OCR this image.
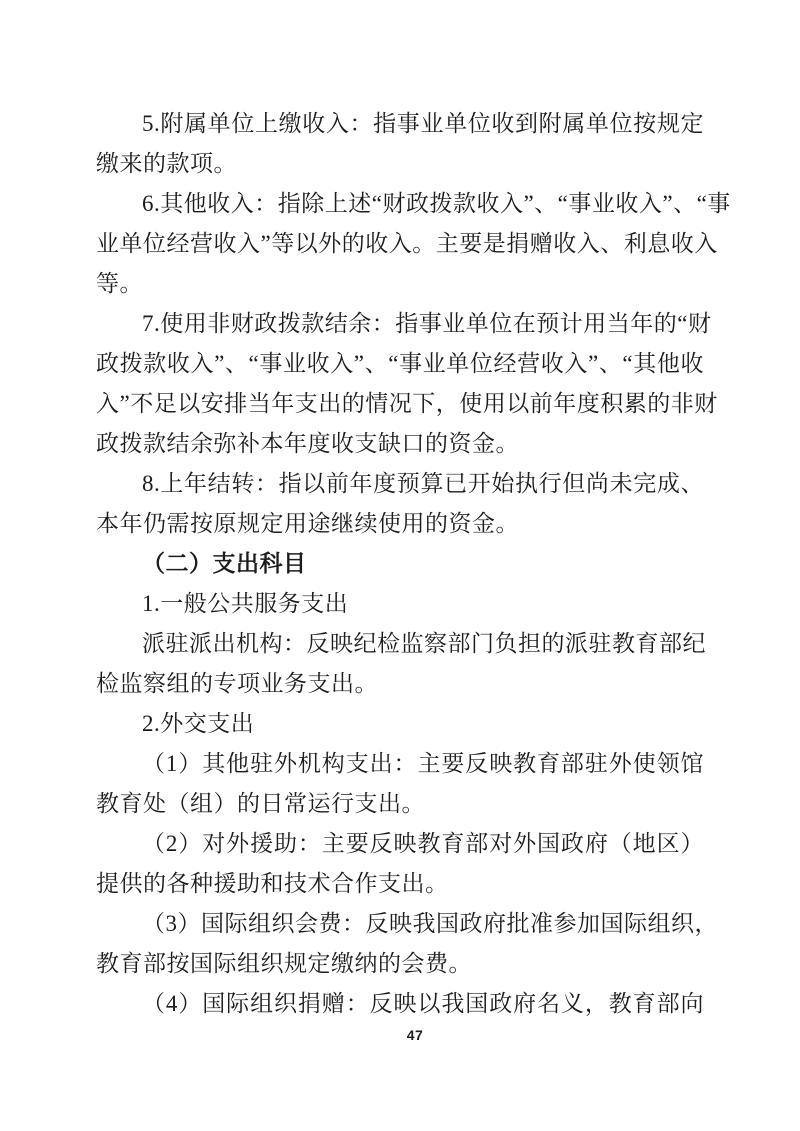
5.附属单位上缴收入：指事业单位收到附属单位按规定
缴来的款项。
6.其他收入：指除上述“财政拨款收入”、“事业收入”、“事
业单位经营收入”等以外的收入。主要是捐赠收入、利息收入
等。
7.使用非财政拨款结余：指事业单位在预计用当年的“财
政拨款收入”、“事业收入”、“事业单位经营收入”、“其他收
入”不足以安排当年支出的情况下，使用以前年度积累的非财
政拨款结余弥补本年度收支缺口的资金。
8.上年结转：指以前年度预算已开始执行但尚未完成、
本年仍需按原规定用途继续使用的资金。
（二）支出科目
1.一般公共服务支出
派驻派出机构：反映纪检监察部门负担的派驻教育部纪
检监察组的专项业务支出。
2.外交支出
（1）其他驻外机构支出：主要反映教育部驻外使领馆
教育处（组）的日常运行支出。
（2）对外援助：主要反映教育部对外国政府（地区）
提供的各种援助和技术合作支出。
（3）国际组织会费：反映我国政府批准参加国际组织，
教育部按国际组织规定缴纳的会费。
（4）国际组织捐赠：反映以我国政府名义，教育部向
47
